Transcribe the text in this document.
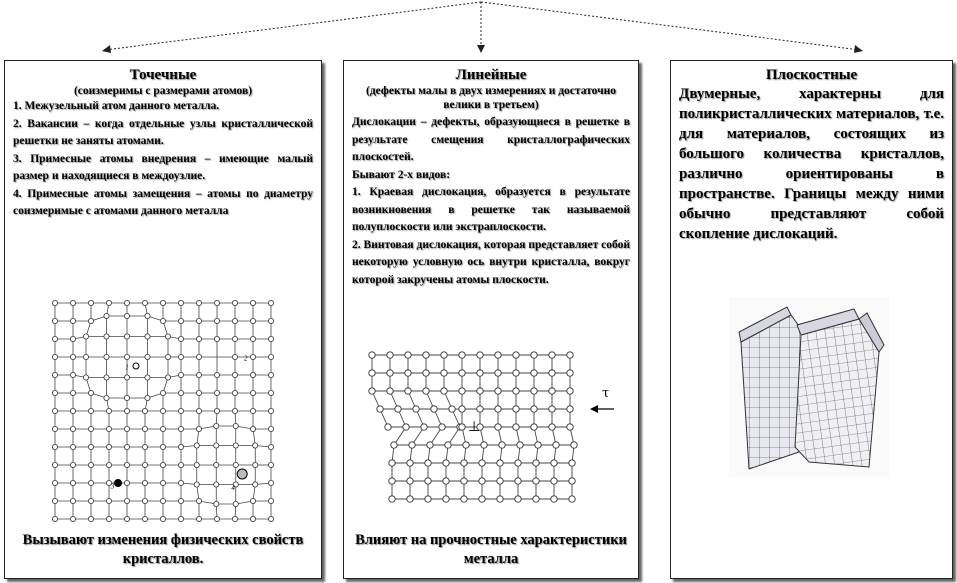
Точечные
(соизмеримы с размерами атомов)

1. Межузельный атом данного металла.

2. Вакансии – когда отдельные узлы кристаллической решетки не заняты атомами.

3. Примесные атомы внедрения – имеющие малый размер и находящиеся в междоузлие.

4. Примесные атомы замещения – атомы по диаметру соизмеримые с атомами данного металла

1
2
3	4
Вызывают изменения физических свойств кристаллов.
Линейные
(дефекты малы в двух измерениях и достаточно велики в третьем)

Дислокации – дефекты, образующиеся в решетке в результате смещения кристаллографических плоскостей.

Бывают 2-х видов:

1. Краевая дислокация, образуется в результате возникновения в решетке так называемой полуплоскости или экстраплоскости.

2. Винтовая дислокация, которая представляет собой некоторую условную ось внутри кристалла, вокруг которой закручены атомы плоскости.

⊥
τ
Влияют на прочностные характеристики металла
Плоскостные
Двумерные, характерны для поликристаллических материалов, т.е. для материалов, состоящих из большого количества кристаллов, различно ориентированы в пространстве. Границы между ними обычно представляют собой скопление дислокаций.
